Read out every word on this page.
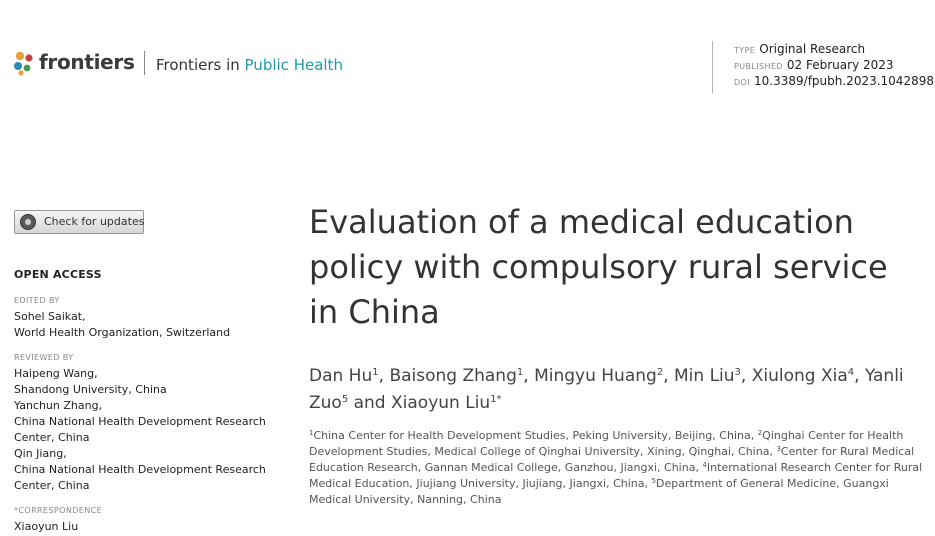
frontiers Frontiers in Public Health
TYPE Original Research
PUBLISHED 02 February 2023
DOI 10.3389/fpubh.2023.1042898
Check for updates
OPEN ACCESS
EDITED BY
Sohel Saikat,
World Health Organization, Switzerland
REVIEWED BY
Haipeng Wang,
Shandong University, China
Yanchun Zhang,
China National Health Development Research Center, China
Qin Jiang,
China National Health Development Research Center, China
*CORRESPONDENCE
Xiaoyun Liu
Evaluation of a medical education policy with compulsory rural service in China
Dan Hu$^1$, Baisong Zhang$^1$, Mingyu Huang$^2$, Min Liu$^3$, Xiulong Xia$^4$, Yanli Zuo$^5$ and Xiaoyun Liu$^{1*}$
$^1$China Center for Health Development Studies, Peking University, Beijing, China, $^2$Qinghai Center for Health Development Studies, Medical College of Qinghai University, Xining, Qinghai, China, $^3$Center for Rural Medical Education Research, Gannan Medical College, Ganzhou, Jiangxi, China, $^4$International Research Center for Rural Medical Education, Jiujiang University, Jiujiang, Jiangxi, China, $^5$Department of General Medicine, Guangxi Medical University, Nanning, China
